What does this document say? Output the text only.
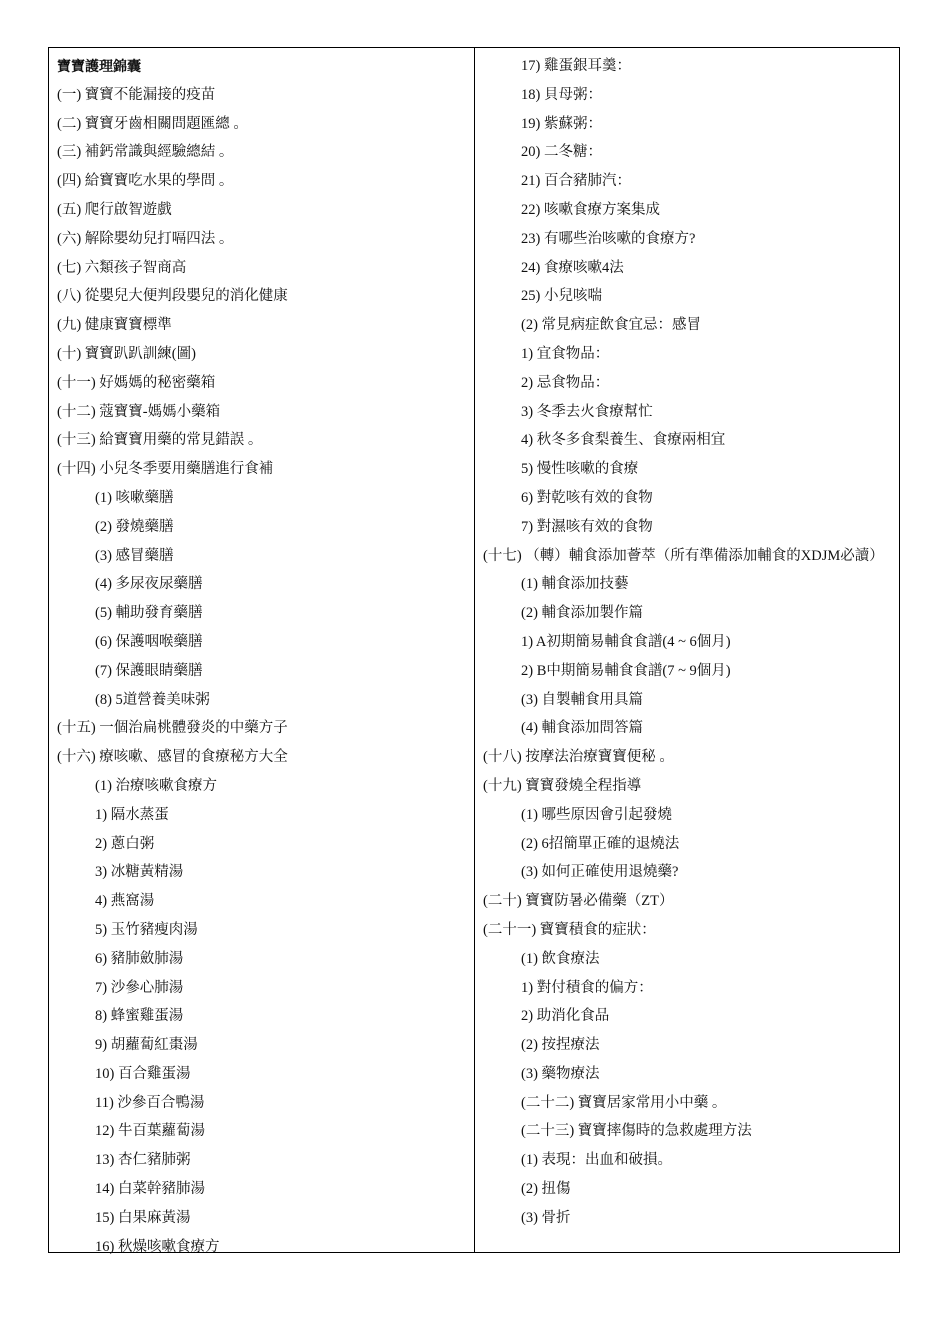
寶寶護理錦囊
(一) 寶寶不能漏接的疫苗
(二) 寶寶牙齒相關問題匯總 。
(三) 補鈣常識與經驗總結 。
(四) 給寶寶吃水果的學問 。
(五) 爬行啟智遊戲
(六) 解除嬰幼兒打嗝四法 。
(七) 六類孩子智商高
(八) 從嬰兒大便判段嬰兒的消化健康
(九) 健康寶寶標準
(十) 寶寶趴趴訓練(圖)
(十一) 好媽媽的秘密藥箱
(十二) 蔻寶寶-媽媽小藥箱
(十三) 給寶寶用藥的常見錯誤 。
(十四) 小兒冬季要用藥膳進行食補
(1) 咳嗽藥膳
(2) 發燒藥膳
(3) 感冒藥膳
(4) 多尿夜尿藥膳
(5) 輔助發育藥膳
(6) 保護咽喉藥膳
(7) 保護眼睛藥膳
(8) 5道營養美味粥
(十五) 一個治扁桃體發炎的中藥方子
(十六) 療咳嗽、感冒的食療秘方大全
(1) 治療咳嗽食療方
1) 隔水蒸蛋
2) 蔥白粥
3) 冰糖黃精湯
4) 燕窩湯
5) 玉竹豬瘦肉湯
6) 豬肺斂肺湯
7) 沙參心肺湯
8) 蜂蜜雞蛋湯
9) 胡蘿蔔紅棗湯
10) 百合雞蛋湯
11) 沙參百合鴨湯
12) 牛百葉蘿蔔湯
13) 杏仁豬肺粥
14) 白菜幹豬肺湯
15) 白果麻黃湯
16) 秋燥咳嗽食療方
17) 雞蛋銀耳羹：
18) 貝母粥：
19) 紫蘇粥：
20) 二冬糖：
21) 百合豬肺汽：
22) 咳嗽食療方案集成
23) 有哪些治咳嗽的食療方?
24) 食療咳嗽4法
25) 小兒咳喘
(2) 常見病症飲食宜忌：感冒
1) 宜食物品：
2) 忌食物品：
3) 冬季去火食療幫忙
4) 秋冬多食梨養生、食療兩相宜
5) 慢性咳嗽的食療
6) 對乾咳有效的食物
7) 對濕咳有效的食物
(十七) （轉）輔食添加薈萃（所有準備添加輔食的XDJM必讀）
(1) 輔食添加技藝
(2) 輔食添加製作篇
1) A初期簡易輔食食譜(4 ~ 6個月)
2) B中期簡易輔食食譜(7 ~ 9個月)
(3) 自製輔食用具篇
(4) 輔食添加問答篇
(十八) 按摩法治療寶寶便秘 。
(十九) 寶寶發燒全程指導
(1) 哪些原因會引起發燒
(2) 6招簡單正確的退燒法
(3) 如何正確使用退燒藥?
(二十) 寶寶防暑必備藥（ZT）
(二十一) 寶寶積食的症狀：
(1) 飲食療法
1) 對付積食的偏方：
2) 助消化食品
(2) 按捏療法
(3) 藥物療法
(二十二) 寶寶居家常用小中藥 。
(二十三) 寶寶摔傷時的急救處理方法
(1) 表現：出血和破損。
(2) 扭傷
(3) 骨折
